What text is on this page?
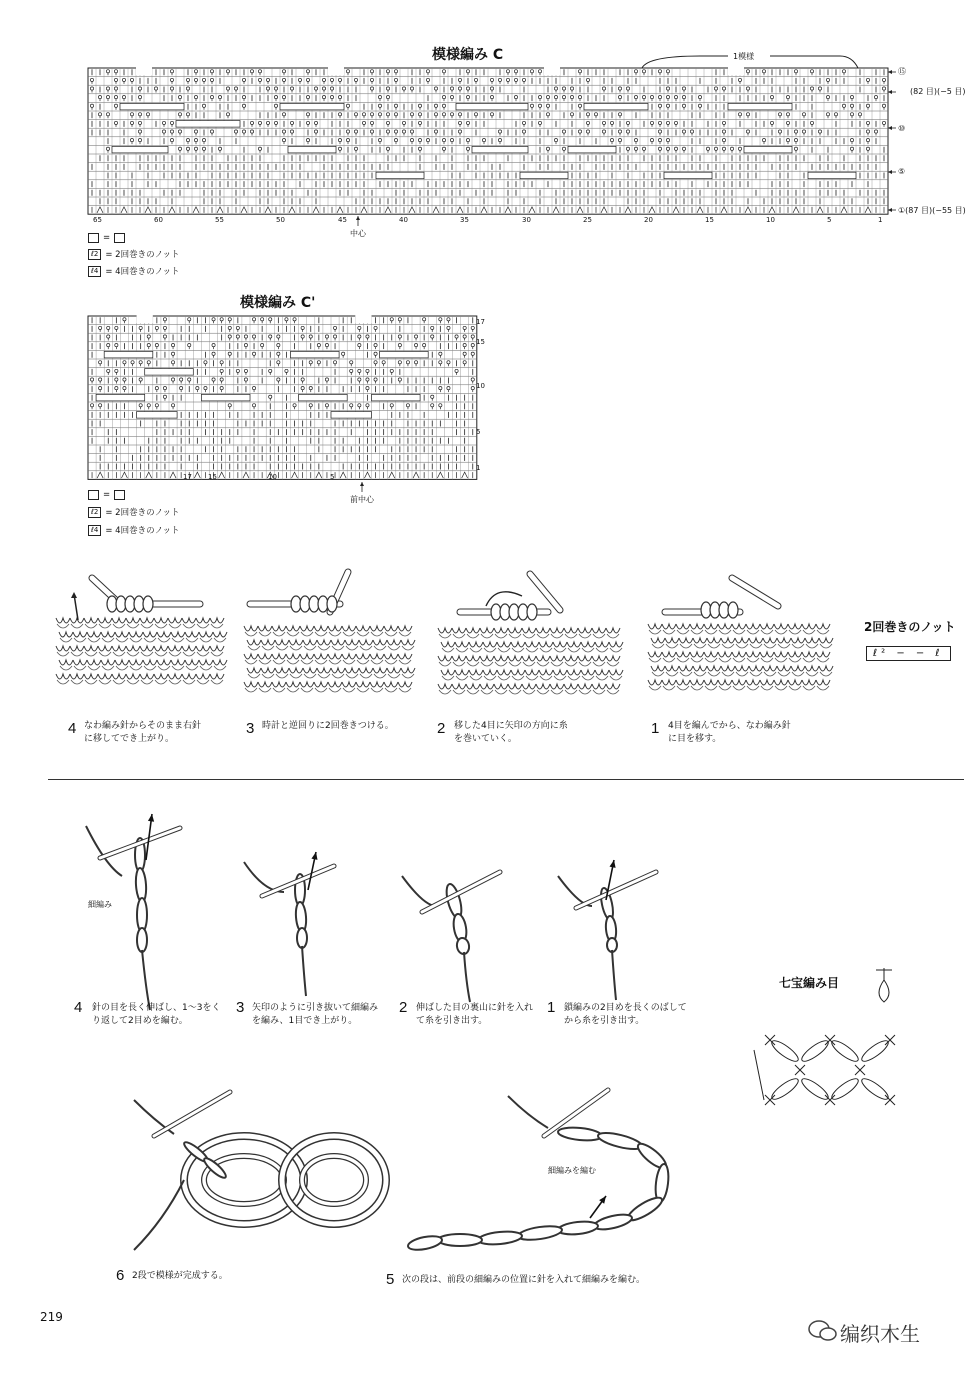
模様編み C	1模様
⑮
(82 目)(−5 目)
⑩
⑤
①(87 目)(−55 目)
65	60	55	50	45	40	35	30	25	20	15	10	5	1
中心
=
ℓ2 = 2回巻きのノット
ℓ4 = 4回巻きのノット
模様編み C'
17
15
10
5
1
17 15	10	5
前中心
=
ℓ2 = 2回巻きのノット
ℓ4 = 4回巻きのノット
2回巻きのノット
ℓ² − − ℓ
4 なわ編み針からそのまま右針に移してでき上がり。
3 時計と逆回りに2回巻きつける。	2 移した4目に矢印の方向に糸を巻いていく。
1 4目を編んでから、なわ編み針に目を移す。
細編み
細編みを編む
七宝編み目
4 針の目を長く伸ばし、1〜3をくり返して2目めを編む。
3 矢印のように引き抜いて細編みを編み、1目でき上がり。
2 伸ばした目の裏山に針を入れて糸を引き出す。
1 鎖編みの2目めを長くのばしてから糸を引き出す。
6 2段で模様が完成する。	5 次の段は、前段の細編みの位置に針を入れて細編みを編む。
219
编织木生
